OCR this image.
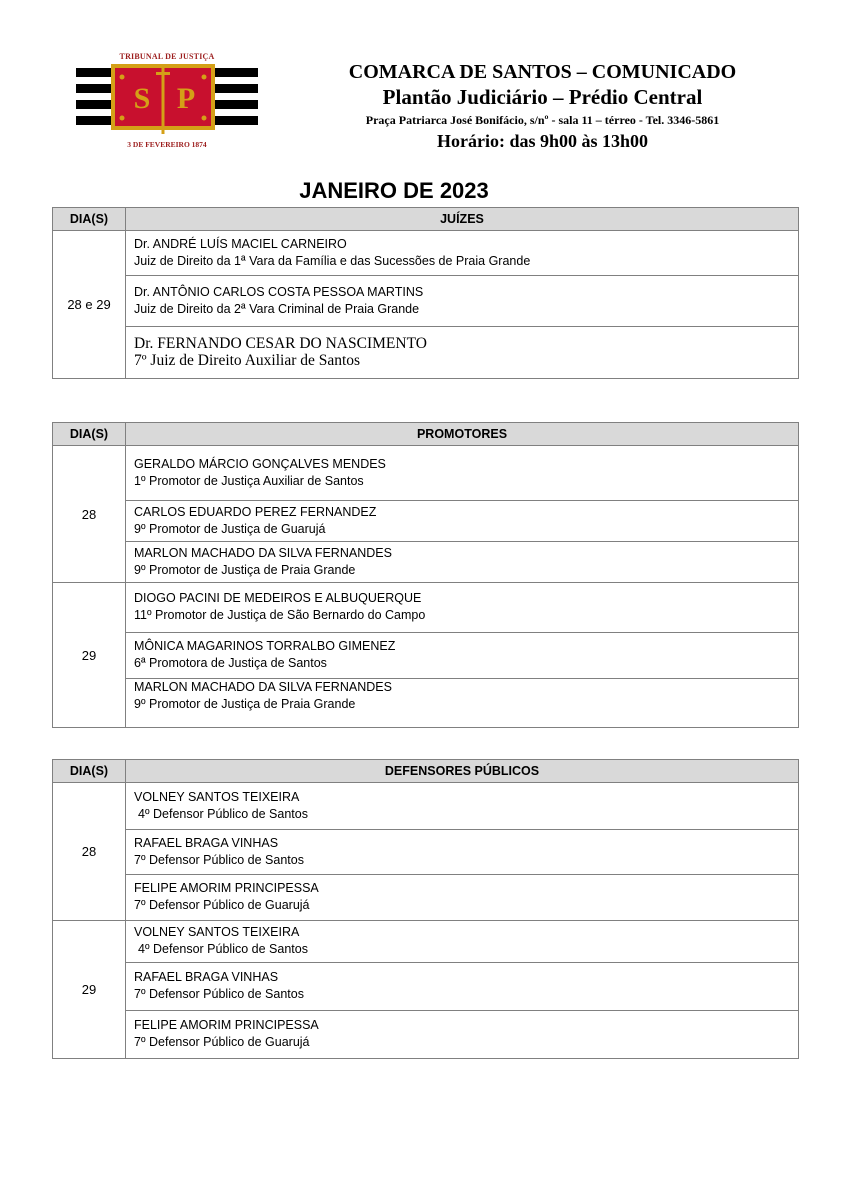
S P
TRIBUNAL DE JUSTIÇA
3 DE FEVEREIRO 1874
COMARCA DE SANTOS – COMUNICADO
Plantão Judiciário – Prédio Central
Praça Patriarca José Bonifácio, s/nº - sala 11 – térreo - Tel. 3346-5861
Horário: das 9h00 às 13h00
JANEIRO DE 2023
DIA(S)	JUÍZES
28 e 29	Dr. ANDRÉ LUÍS MACIEL CARNEIRO
Juiz de Direito da 1ª Vara da Família e das Sucessões de Praia Grande

	Dr. ANTÔNIO CARLOS COSTA PESSOA MARTINS
Juiz de Direito da 2ª Vara Criminal de Praia Grande

	Dr. FERNANDO CESAR DO NASCIMENTO
7º Juiz de Direito Auxiliar de Santos
DIA(S)	PROMOTORES
28	GERALDO MÁRCIO GONÇALVES MENDES
1º Promotor de Justiça Auxiliar de Santos

	CARLOS EDUARDO PEREZ FERNANDEZ
9º Promotor de Justiça de Guarujá

	MARLON MACHADO DA SILVA FERNANDES
9º Promotor de Justiça de Praia Grande

29	DIOGO PACINI DE MEDEIROS E ALBUQUERQUE
11º Promotor de Justiça de São Bernardo do Campo

	MÔNICA MAGARINOS TORRALBO GIMENEZ
6ª Promotora de Justiça de Santos

	MARLON MACHADO DA SILVA FERNANDES
9º Promotor de Justiça de Praia Grande
DIA(S)	DEFENSORES PÚBLICOS
28	VOLNEY SANTOS TEIXEIRA
4º Defensor Público de Santos

	RAFAEL BRAGA VINHAS
7º Defensor Público de Santos

	FELIPE AMORIM PRINCIPESSA
7º Defensor Público de Guarujá

29	VOLNEY SANTOS TEIXEIRA
4º Defensor Público de Santos

	RAFAEL BRAGA VINHAS
7º Defensor Público de Santos

	FELIPE AMORIM PRINCIPESSA
7º Defensor Público de Guarujá
